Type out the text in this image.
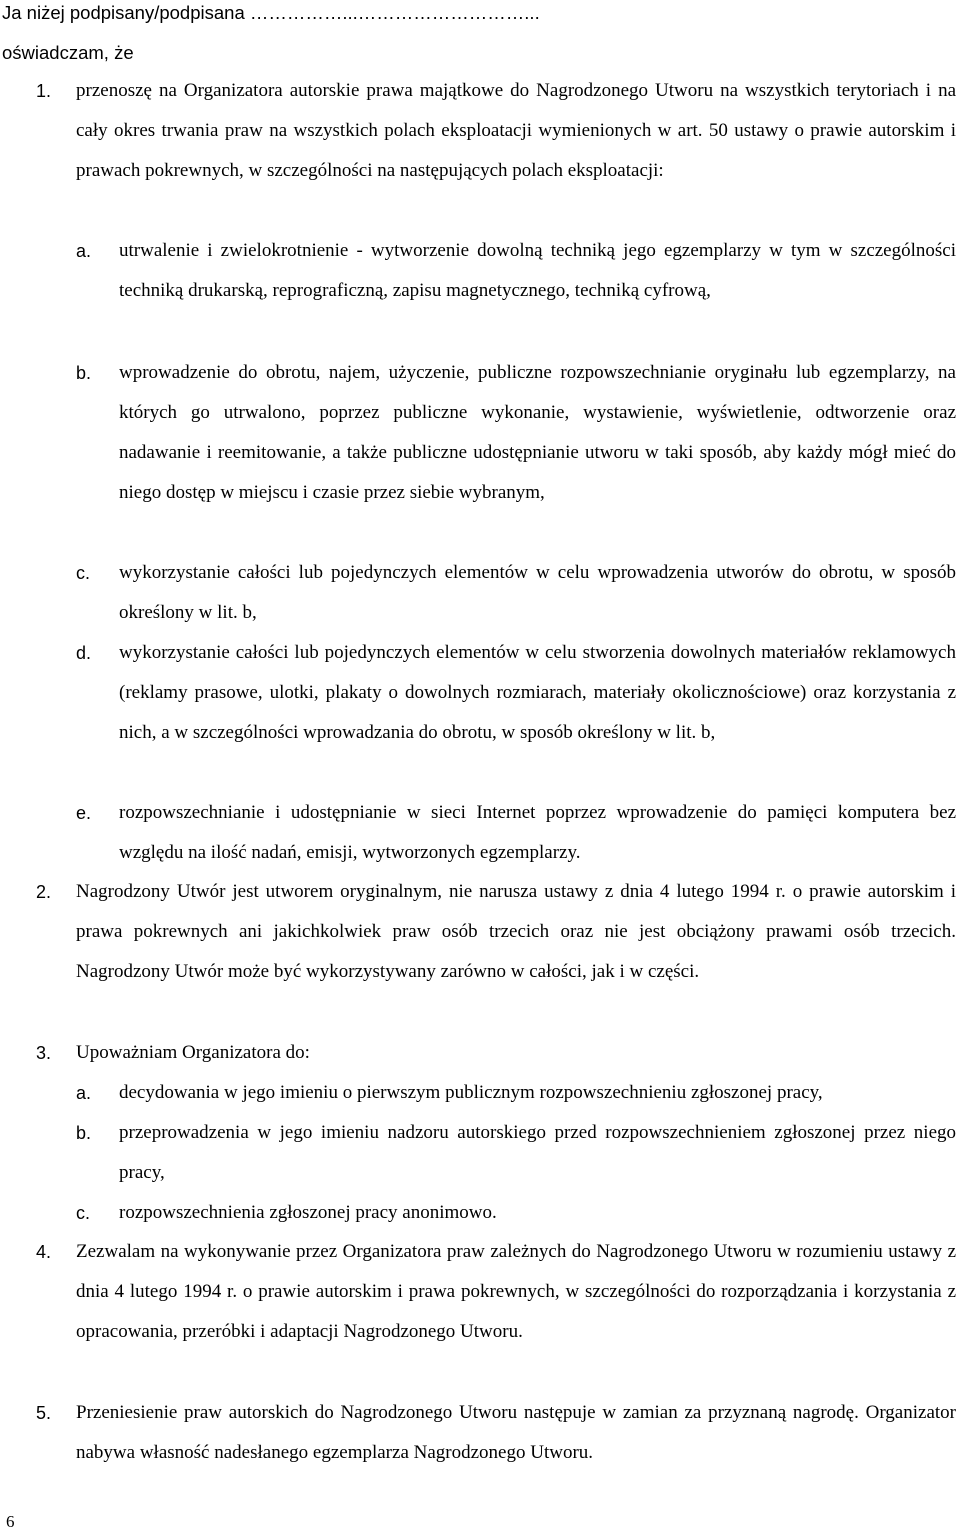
Ja niżej podpisany/podpisana ……………...………………………...
oświadczam, że
1. przenoszę na Organizatora autorskie prawa majątkowe do Nagrodzonego Utworu na wszystkich terytoriach i na cały okres trwania praw na wszystkich polach eksploatacji wymienionych w art. 50 ustawy o prawie autorskim i prawach pokrewnych, w szczególności na następujących polach eksploatacji:
a. utrwalenie i zwielokrotnienie - wytworzenie dowolną techniką jego egzemplarzy w tym w szczególności techniką drukarską, reprograficzną, zapisu magnetycznego, techniką cyfrową,
b. wprowadzenie do obrotu, najem, użyczenie, publiczne rozpowszechnianie oryginału lub egzemplarzy, na których go utrwalono, poprzez publiczne wykonanie, wystawienie, wyświetlenie, odtworzenie oraz nadawanie i reemitowanie, a także publiczne udostępnianie utworu w taki sposób, aby każdy mógł mieć do niego dostęp w miejscu i czasie przez siebie wybranym,
c. wykorzystanie całości lub pojedynczych elementów w celu wprowadzenia utworów do obrotu, w sposób określony w lit. b,
d. wykorzystanie całości lub pojedynczych elementów w celu stworzenia dowolnych materiałów reklamowych (reklamy prasowe, ulotki, plakaty o dowolnych rozmiarach, materiały okolicznościowe) oraz korzystania z nich, a w szczególności wprowadzania do obrotu, w sposób określony w lit. b,
e. rozpowszechnianie i udostępnianie w sieci Internet poprzez wprowadzenie do pamięci komputera bez względu na ilość nadań, emisji, wytworzonych egzemplarzy.
2. Nagrodzony Utwór jest utworem oryginalnym, nie narusza ustawy z dnia 4 lutego 1994 r. o prawie autorskim i prawa pokrewnych ani jakichkolwiek praw osób trzecich oraz nie jest obciążony prawami osób trzecich. Nagrodzony Utwór może być wykorzystywany zarówno w całości, jak i w części.
3. Upoważniam Organizatora do:
a. decydowania w jego imieniu o pierwszym publicznym rozpowszechnieniu zgłoszonej pracy,
b. przeprowadzenia w jego imieniu nadzoru autorskiego przed rozpowszechnieniem zgłoszonej przez niego pracy,
c. rozpowszechnienia zgłoszonej pracy anonimowo.
4. Zezwalam na wykonywanie przez Organizatora praw zależnych do Nagrodzonego Utworu w rozumieniu ustawy z dnia 4 lutego 1994 r. o prawie autorskim i prawa pokrewnych, w szczególności do rozporządzania i korzystania z opracowania, przeróbki i adaptacji Nagrodzonego Utworu.
5. Przeniesienie praw autorskich do Nagrodzonego Utworu następuje w zamian za przyznaną nagrodę. Organizator nabywa własność nadesłanego egzemplarza Nagrodzonego Utworu.
6
